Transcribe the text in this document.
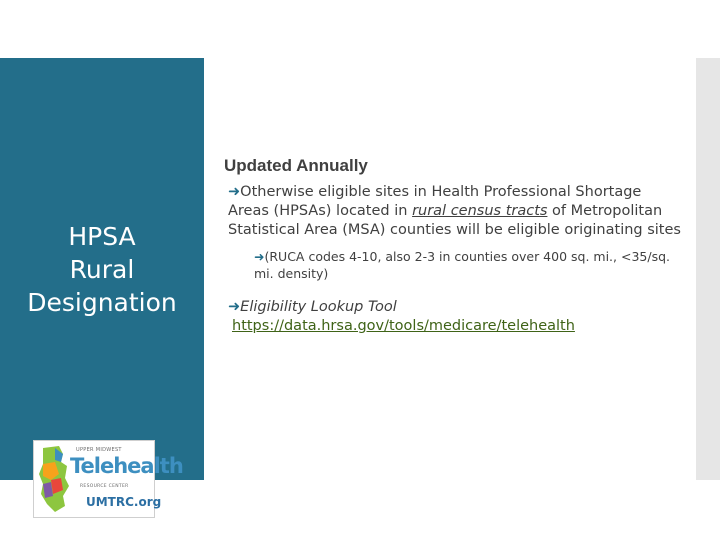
HPSA
Rural
Designation
UPPER MIDWEST
Telehealth
RESOURCE CENTER
UMTRC.org
Updated Annually
➜Otherwise eligible sites in Health Professional Shortage Areas (HPSAs) located in rural census tracts of Metropolitan Statistical Area (MSA) counties will be eligible originating sites
➜(RUCA codes 4-10, also 2-3 in counties over 400 sq. mi., <35/sq. mi. density)
➜Eligibility Lookup Tool
https://data.hrsa.gov/tools/medicare/telehealth
